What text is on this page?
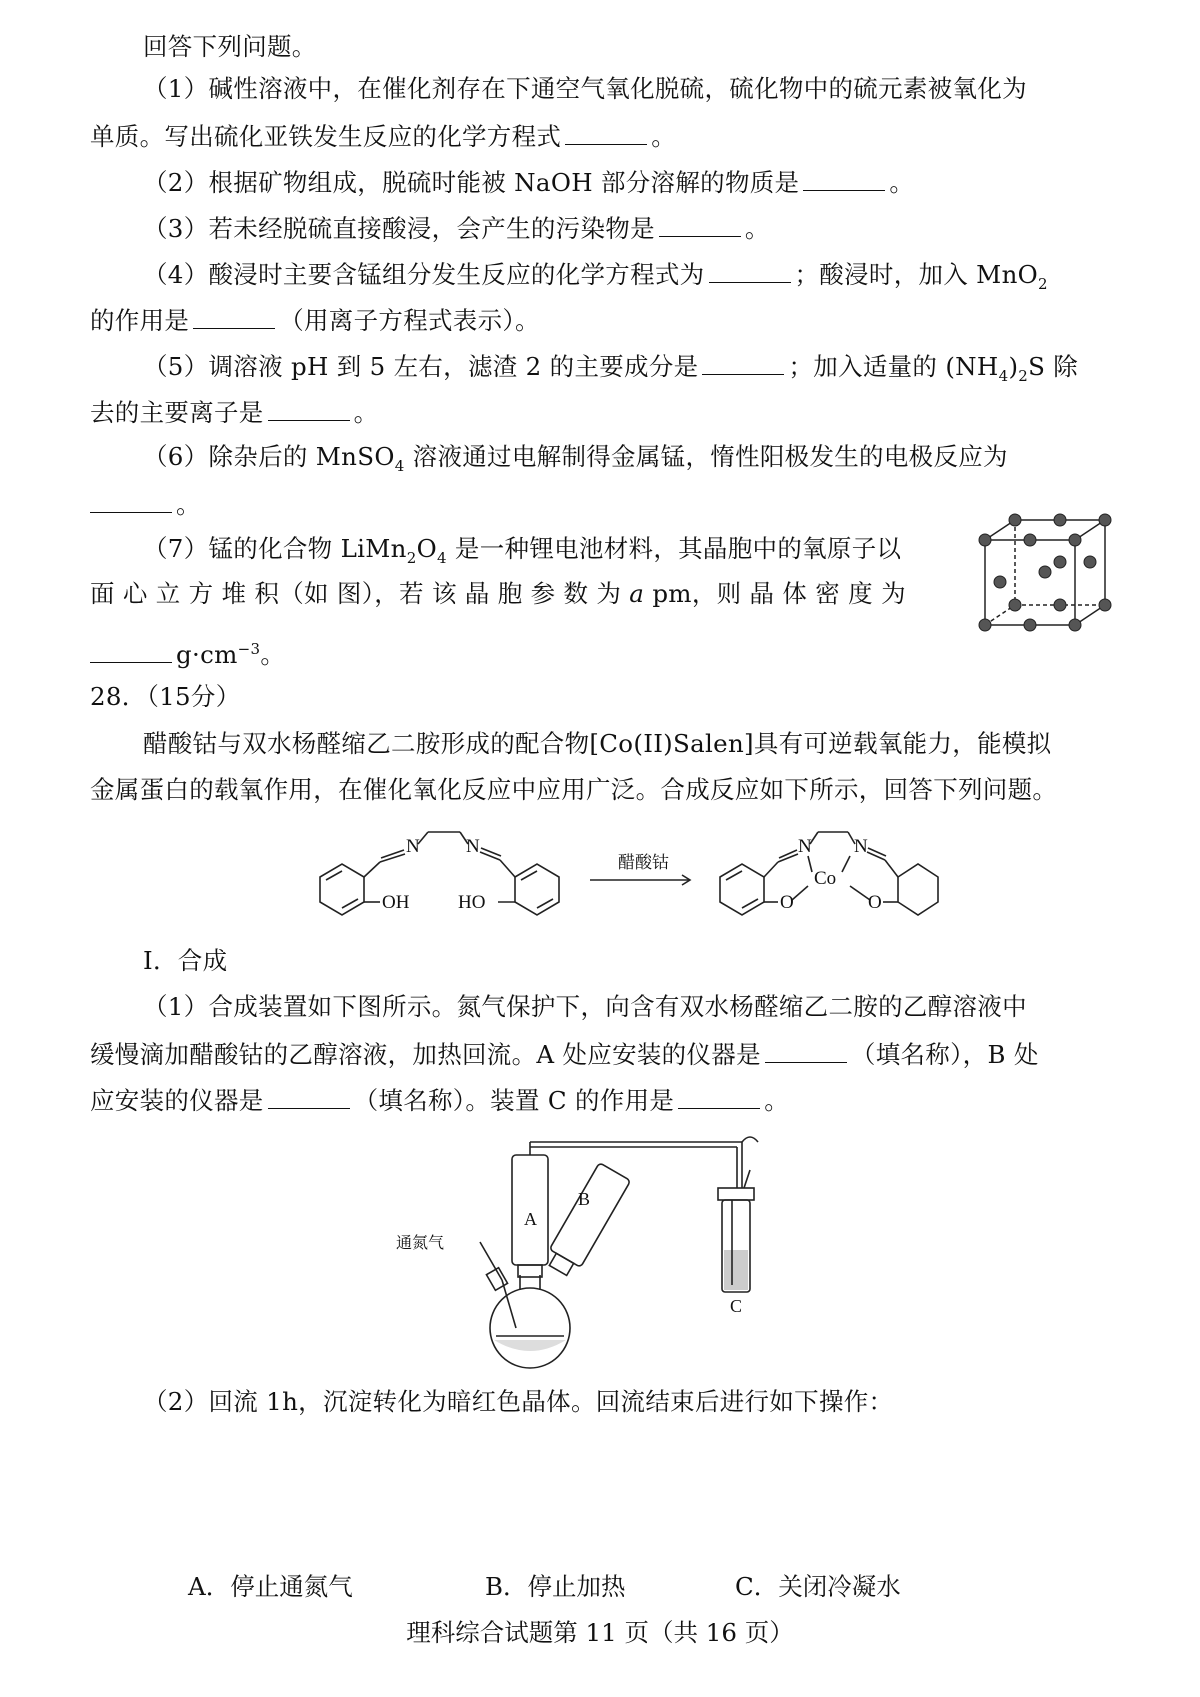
回答下列问题。
（1）碱性溶液中，在催化剂存在下通空气氧化脱硫，硫化物中的硫元素被氧化为
单质。写出硫化亚铁发生反应的化学方程式	。
（2）根据矿物组成，脱硫时能被 NaOH 部分溶解的物质是	。
（3）若未经脱硫直接酸浸，会产生的污染物是	。
（4）酸浸时主要含锰组分发生反应的化学方程式为	；酸浸时，加入 MnO$_2$
的作用是	（用离子方程式表示）。
（5）调溶液 pH 到 5 左右，滤渣 2 的主要成分是	；加入适量的 $(NH_4)_2S$ 除
去的主要离子是	。
（6）除杂后的 MnSO$_4$ 溶液通过电解制得金属锰，惰性阳极发生的电极反应为
。
（7）锰的化合物 $LiMn_2O_4$ 是一种锂电池材料，其晶胞中的氧原子以
面 心 立 方 堆 积（如 图），若 该 晶 胞 参 数 为 a pm，则 晶 体 密 度 为
$g\cdot cm^{-3}$。
28．（15分）
醋酸钴与双水杨醛缩乙二胺形成的配合物[Co(II)Salen]具有可逆载氧能力，能模拟
金属蛋白的载氧作用，在催化氧化反应中应用广泛。合成反应如下所示，回答下列问题。
N N
OH	HO
N N
Co
O	O
醋酸钴
I．合成
（1）合成装置如下图所示。氮气保护下，向含有双水杨醛缩乙二胺的乙醇溶液中
缓慢滴加醋酸钴的乙醇溶液，加热回流。A 处应安装的仪器是	（填名称），B 处
应安装的仪器是	（填名称）。装置 C 的作用是	。
A
B
C
通氮气
（2）回流 1h，沉淀转化为暗红色晶体。回流结束后进行如下操作：
A．停止通氮气	B．停止加热	C．关闭冷凝水
理科综合试题第 11 页（共 16 页）
